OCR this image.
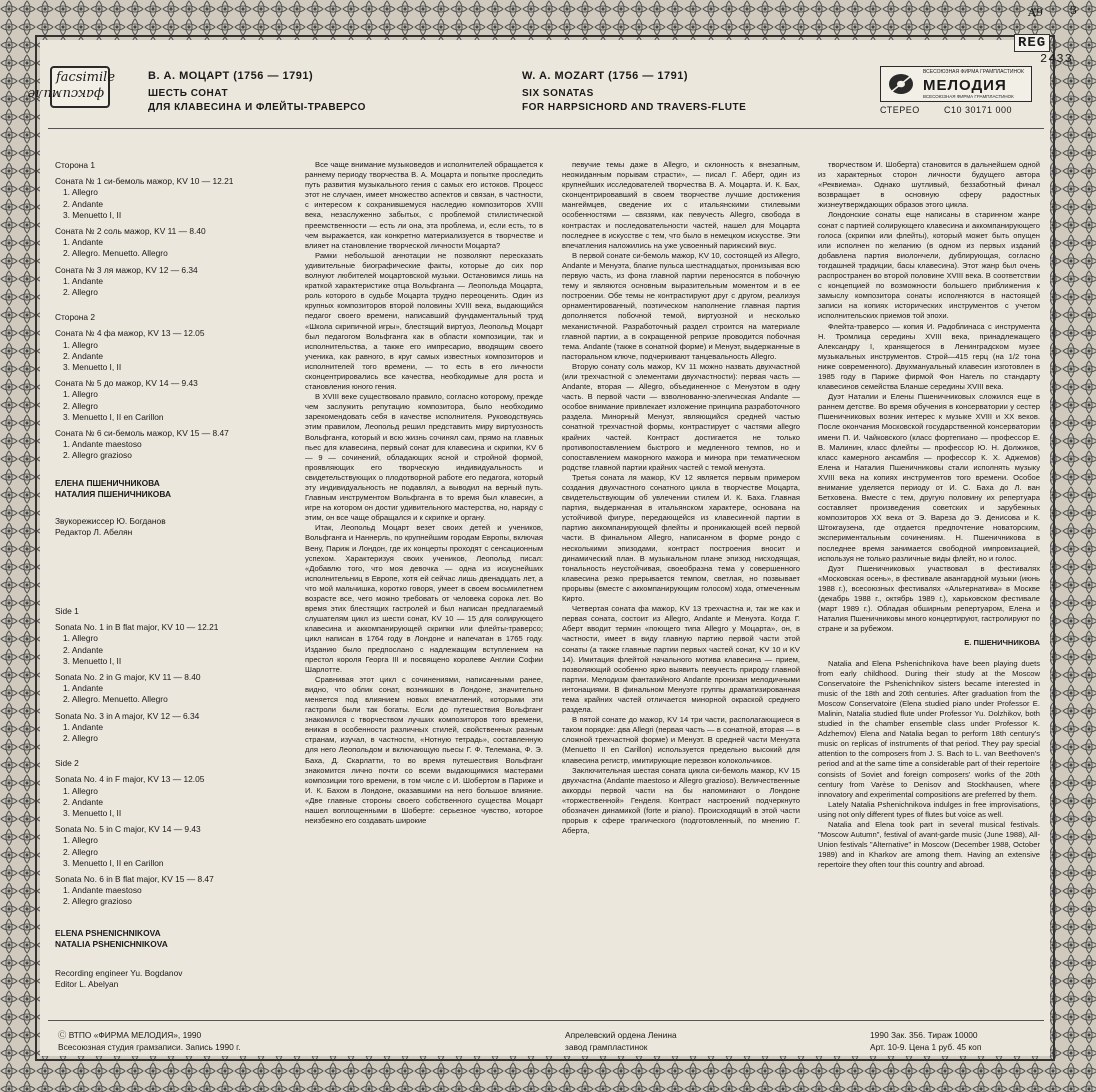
A9 3
REG
2433
facsimile
факсимиле
В. А. МОЦАРТ (1756 — 1791)
ШЕСТЬ СОНАТ
ДЛЯ КЛАВЕСИНА И ФЛЕЙТЫ-ТРАВЕРСО
W. A. MOZART (1756 — 1791)
SIX SONATAS
FOR HARPSICHORD AND TRAVERS-FLUTE
ВСЕСОЮЗНАЯ ФИРМА ГРАМПЛАСТИНОК
МЕЛОДИЯ
ВСЕСОЮЗНАЯ ФИРМА ГРАМПЛАСТИНОК
СТЕРЕО	С10 30171 000
Сторона 1
Соната № 1 си-бемоль мажор, KV 10 — 12.21
1. Allegro
2. Andante
3. Menuetto I, II
Соната № 2 соль мажор, KV 11 — 8.40
1. Andante
2. Allegro. Menuetto. Allegro
Соната № 3 ля мажор, KV 12 — 6.34
1. Andante
2. Allegro
Сторона 2
Соната № 4 фа мажор, KV 13 — 12.05
1. Allegro
2. Andante
3. Menuetto I, II
Соната № 5 до мажор, KV 14 — 9.43
1. Allegro
2. Allegro
3. Menuetto I, II en Carillon
Соната № 6 си-бемоль мажор, KV 15 — 8.47
1. Andante maestoso
2. Allegro grazioso
ЕЛЕНА ПШЕНИЧНИКОВА
НАТАЛИЯ ПШЕНИЧНИКОВА
Звукорежиссер Ю. Богданов
Редактор Л. Абелян
Side 1
Sonata No. 1 in B flat major, KV 10 — 12.21
1. Allegro
2. Andante
3. Menuetto I, II
Sonata No. 2 in G major, KV 11 — 8.40
1. Andante
2. Allegro. Menuetto. Allegro
Sonata No. 3 in A major, KV 12 — 6.34
1. Andante
2. Allegro
Side 2
Sonata No. 4 in F major, KV 13 — 12.05
1. Allegro
2. Andante
3. Menuetto I, II
Sonata No. 5 in C major, KV 14 — 9.43
1. Allegro
2. Allegro
3. Menuetto I, II en Carillon
Sonata No. 6 in B flat major, KV 15 — 8.47
1. Andante maestoso
2. Allegro grazioso
ELENA PSHENICHNIKOVA
NATALIA PSHENICHNIKOVA
Recording engineer Yu. Bogdanov
Editor L. Abelyan

Все чаще внимание музыковедов и исполнителей обращается к раннему периоду творчества В. А. Моцарта и попытке проследить путь развития музыкального гения с самых его истоков. Процесс этот не случаен, имеет множество аспектов и связан, в частности, с интересом к сохранившемуся наследию композиторов XVIII века, незаслуженно забытых, с проблемой стилистической преемственности — есть ли она, эта проблема, и, если есть, то в чем выражается, как конкретно материализуется в творчестве и влияет на становление творческой личности Моцарта?

Рамки небольшой аннотации не позволяют пересказать удивительные биографические факты, которые до сих пор волнуют любителей моцартовской музыки. Остановимся лишь на краткой характеристике отца Вольфганга — Леопольда Моцарта, роль которого в судьбе Моцарта трудно переоценить. Один из крупных композиторов второй половины XVIII века, выдающийся педагог своего времени, написавший фундаментальный труд «Школа скрипичной игры», блестящий виртуоз, Леопольд Моцарт был педагогом Вольфганга как в области композиции, так и исполнительства, а также его импресарио, вводящим своего ученика, как равного, в круг самых известных композиторов и исполнителей того времени, — то есть в его личности сконцентрировались все качества, необходимые для роста и становления юного гения.

В XVIII веке существовало правило, согласно которому, прежде чем заслужить репутацию композитора, было необходимо зарекомендовать себя в качестве исполнителя. Руководствуясь этим правилом, Леопольд решил представить миру виртуозность Вольфганга, который и всю жизнь сочинял сам, прямо на главных пьес для клавесина, первый сонат для клавесина и скрипки, KV 6 — 9 — сочинений, обладающих ясной и стройной формой, проявляющих его творческую индивидуальность и свидетельствующих о плодотворной работе его педагога, который эту индивидуальность не подавлял, а выводил на верный путь. Главным инструментом Вольфганга в то время был клавесин, а игре на котором он достиг удивительного мастерства, но, наряду с этим, он все чаще обращался и к скрипке и органу.

Итак, Леопольд Моцарт везет своих детей и учеников, Вольфганга и Наннерль, по крупнейшим городам Европы, включая Вену, Париж и Лондон, где их концерты проходят с сенсационным успехом. Характеризуя своих учеников, Леопольд писал: «Добавлю того, что моя девочка — одна из искуснейших исполнительниц в Европе, хотя ей сейчас лишь двенадцать лет, а что мой мальчишка, коротко говоря, умеет в своем восьмилетнем возрасте все, чего можно требовать от человека сорока лет. Во время этих блестящих гастролей и был написан предлагаемый слушателям цикл из шести сонат, KV 10 — 15 для солирующего клавесина и аккомпанирующей скрипки или флейты-траверсо; цикл написан в 1764 году в Лондоне и напечатан в 1765 году. Изданию было предпослано с надлежащим вступлением на престол короля Георга III и посвящено королеве Англии Софии Шарлотте.

Сравнивая этот цикл с сочинениями, написанными ранее, видно, что облик сонат, возникших в Лондоне, значительно меняется под влиянием новых впечатлений, которыми эти гастроли были так богаты. Если до путешествия Вольфганг знакомился с творчеством лучших композиторов того времени, вникая в особенности различных стилей, свойственных разным странам, изучал, в частности, «Нотную тетрадь», составленную для него Леопольдом и включающую пьесы Г. Ф. Телемана, Ф. Э. Баха, Д. Скарлатти, то во время путешествия Вольфганг знакомится лично почти со всеми выдающимися мастерами композиции того времени, в том числе с И. Шобертом в Париже и И. К. Бахом в Лондоне, оказавшими на него большое влияние. «Две главные стороны своего собственного существа Моцарт нашел воплощенными в Шоберте: серьезное чувство, которое неизбежно его создавать широкие

певучие темы даже в Allegro, и склонность к внезапным, неожиданным порывам страсти», — писал Г. Аберт, один из крупнейших исследователей творчества В. А. Моцарта. И. К. Бах, сконцентрировавший в своем творчестве лучшие достижения мангеймцев, сведение их с итальянскими стилевыми особенностями — связями, как певучесть Allegro, свобода в контрастах и последовательности частей, нашел для Моцарта последнее в искусстве с тем, что было в немецком искусстве. Эти впечатления наложились на уже усвоенный парижский вкус.

В первой сонате си-бемоль мажор, KV 10, состоящей из Allegro, Andante и Менуэта, благие пульса шестнадцатых, пронизывая всю первую часть, из фона главной партии переносятся в побочную тему и являются основным выразительным моментом и в ее построении. Обе темы не контрастируют друг с другом, реализуя орнаментированный, поэтическом наполнение главная партия дополняется побочной темой, виртуозной и несколько механистичной. Разработочный раздел строится на материале главной партии, а в сокращенной репризе проводится побочная тема. Andante (также в сонатной форме) и Менуэт, выдержанные в пасторальном ключе, подчеркивают танцевальность Allegro.

Вторую сонату соль мажор, KV 11 можно назвать двухчастной (или трехчастной с элементами двухчастности): первая часть — Andante, вторая — Allegro, объединенное с Менуэтом в одну часть. В первой части — взволнованно-элегическая Andante — особое внимание привлекает изложение принципа разработочного раздела. Минорный Менуэт, являющийся средней частью сонатной трехчастной формы, контрастирует с частями allegro крайних частей. Контраст достигается не только противопоставлением быстрого и медленного темпов, но и сопоставлением мажорного мажора и минора при тематическом родстве главной партии крайних частей с темой менуэта.

Третья соната ля мажор, KV 12 является первым примером создания двухчастного сонатного цикла в творчестве Моцарта, свидетельствующим об увлечении стилем И. К. Баха. Главная партия, выдержанная в итальянском характере, основана на устойчивой фигуре, передающейся из клавесинной партии в партию аккомпанирующей флейты и проникающей всей первой части. В финальном Allegro, написанном в форме рондо с несколькими эпизодами, контраст построения вносит и динамический план. В музыкальном плане эпизод нисходящая, тональность неустойчивая, своеобразна тема у совершенного клавесина резко прерывается темпом, светлая, но позвывает прорывы (вместе с аккомпанирующим голосом) хода, отмеченным Кирто.

Четвертая соната фа мажор, KV 13 трехчастна и, так же как и первая соната, состоит из Allegro, Andante и Менуэта. Когда Г. Аберт вводит термин «поющего типа Allegro у Моцарта», он, в частности, имеет в виду главную партию первой части этой сонаты (а также главные партии первых частей сонат, KV 10 и KV 14). Имитация флейтой начального мотива клавесина — прием, позволяющий особенно ярко выявить певучесть природу главной партии. Мелодизм фантазийного Andante пронизан мелодичными интонациями. В финальном Менуэте группы драматизированная тема крайних частей отличается минорной окраской среднего раздела.

В пятой сонате до мажор, KV 14 три части, располагающиеся в таком порядке: два Allegri (первая часть — в сонатной, вторая — в сложной трехчастной форме) и Менуэт. В средней части Менуэта (Menuetto II en Carillon) используется предельно высокий для клавесина регистр, имитирующие перезвон колокольчиков.

Заключительная шестая соната цикла си-бемоль мажор, KV 15 двухчастна (Andante maestoso и Allegro grazioso). Величественные аккорды первой части на бы напоминают о Лондоне «торжественной» Генделя. Контраст настроений подчеркнуто обозначен динамикой (forte и piano). Происходящий в этой части прорыв к сфере трагического (подготовленный, по мнению Г. Аберта,

творчеством И. Шоберта) становится в дальнейшем одной из характерных сторон личности будущего автора «Реквиема». Однако шутливый, беззаботный финал возвращает в основную сферу радостных жизнеутверждающих образов этого цикла.

Лондонские сонаты еще написаны в старинном жанре сонат с партией солирующего клавесина и аккомпанирующего голоса (скрипки или флейты), который может быть опущен или исполнен по желанию (в одном из первых изданий добавлена партия виолончели, дублирующая, согласно тогдашней традиции, басы клавесина). Этот жанр был очень распространен во второй половине XVIII века. В соответствии с концепцией по возможности большего приближения к замыслу композитора сонаты исполняются в настоящей записи на копиях исторических инструментов с учетом исполнительских приемов той эпохи.

Флейта-траверсо — копия И. Радоблинаса с инструмента Н. Тромлица середины XVIII века, принадлежащего Александру I, хранящегося в Ленинградском музее музыкальных инструментов. Строй—415 герц (на 1/2 тона ниже современного). Двухмануальный клавесин изготовлен в 1985 году в Париже фирмой Фон Нагель по стандарту клавесинов семейства Бланше середины XVIII века.

Дуэт Наталии и Елены Пшеничниковых сложился еще в раннем детстве. Во время обучения в консерватории у сестер Пшеничниковых возник интерес к музыке XVIII и XX веков. После окончания Московской государственной консерватории имени П. И. Чайковского (класс фортепиано — профессор Е. В. Малинин, класс флейты — профессор Ю. Н. Должиков, класс камерного ансамбля — профессор К. Х. Аджемов) Елена и Наталия Пшеничниковы стали исполнять музыку XVIII века на копиях инструментов того времени. Особое внимание уделяется периоду от И. С. Баха до Л. ван Бетховена. Вместе с тем, другую половину их репертуара составляет произведения советских и зарубежных композиторов XX века от Э. Вареза до Э. Денисова и К. Штокгаузена, где отдается предпочтение новаторским, экспериментальным сочинениям. Н. Пшеничникова в последнее время занимается свободной импровизацией, используя не только различные виды флейт, но и голос.

Дуэт Пшеничниковых участвовал в фестивалях «Московская осень», в фестивале авангардной музыки (июнь 1988 г.), всесоюзных фестивалях «Альтернатива» в Москве (декабрь 1988 г., октябрь 1989 г.), харьковском фестивале (март 1989 г.). Обладая обширным репертуаром, Елена и Наталия Пшеничниковы много концертируют, гастролируют по стране и за рубежом.

Е. ПШЕНИЧНИКОВА

Natalia and Elena Pshenichnikova have been playing duets from early childhood. During their study at the Moscow Conservatoire the Pshenichnikov sisters became interested in music of the 18th and 20th centuries. After graduation from the Moscow Conservatoire (Elena studied piano under Professor E. Malinin, Natalia studied flute under Professor Yu. Dolzhikov, both studied in the chamber ensemble class under Professor K. Adzhemov) Elena and Natalia began to perform 18th century's music on replicas of instruments of that period. They pay special attention to the composers from J. S. Bach to L. van Beethoven's period and at the same time a considerable part of their repertoire consists of Soviet and foreign composers' works of the 20th century from Varèse to Denisov and Stockhausen, where innovatory and experimental compositions are preferred by them.

Lately Natalia Pshenichnikova indulges in free improvisations, using not only different types of flutes but voice as well.

Natalia and Elena took part in several musical festivals. "Moscow Autumn", festival of avant-garde music (June 1988), All-Union festivals "Alternative" in Moscow (December 1988, October 1989) and in Kharkov are among them. Having an extensive repertoire they often tour this country and abroad.

Ⓒ ВТПО «ФИРМА МЕЛОДИЯ», 1990
Всесоюзная студия грамзаписи. Запись 1990 г.
Апрелевский ордена Ленина
завод грампластинок
1990 Зак. 356. Тираж 10000
Арт. 10-9. Цена 1 руб. 45 коп
